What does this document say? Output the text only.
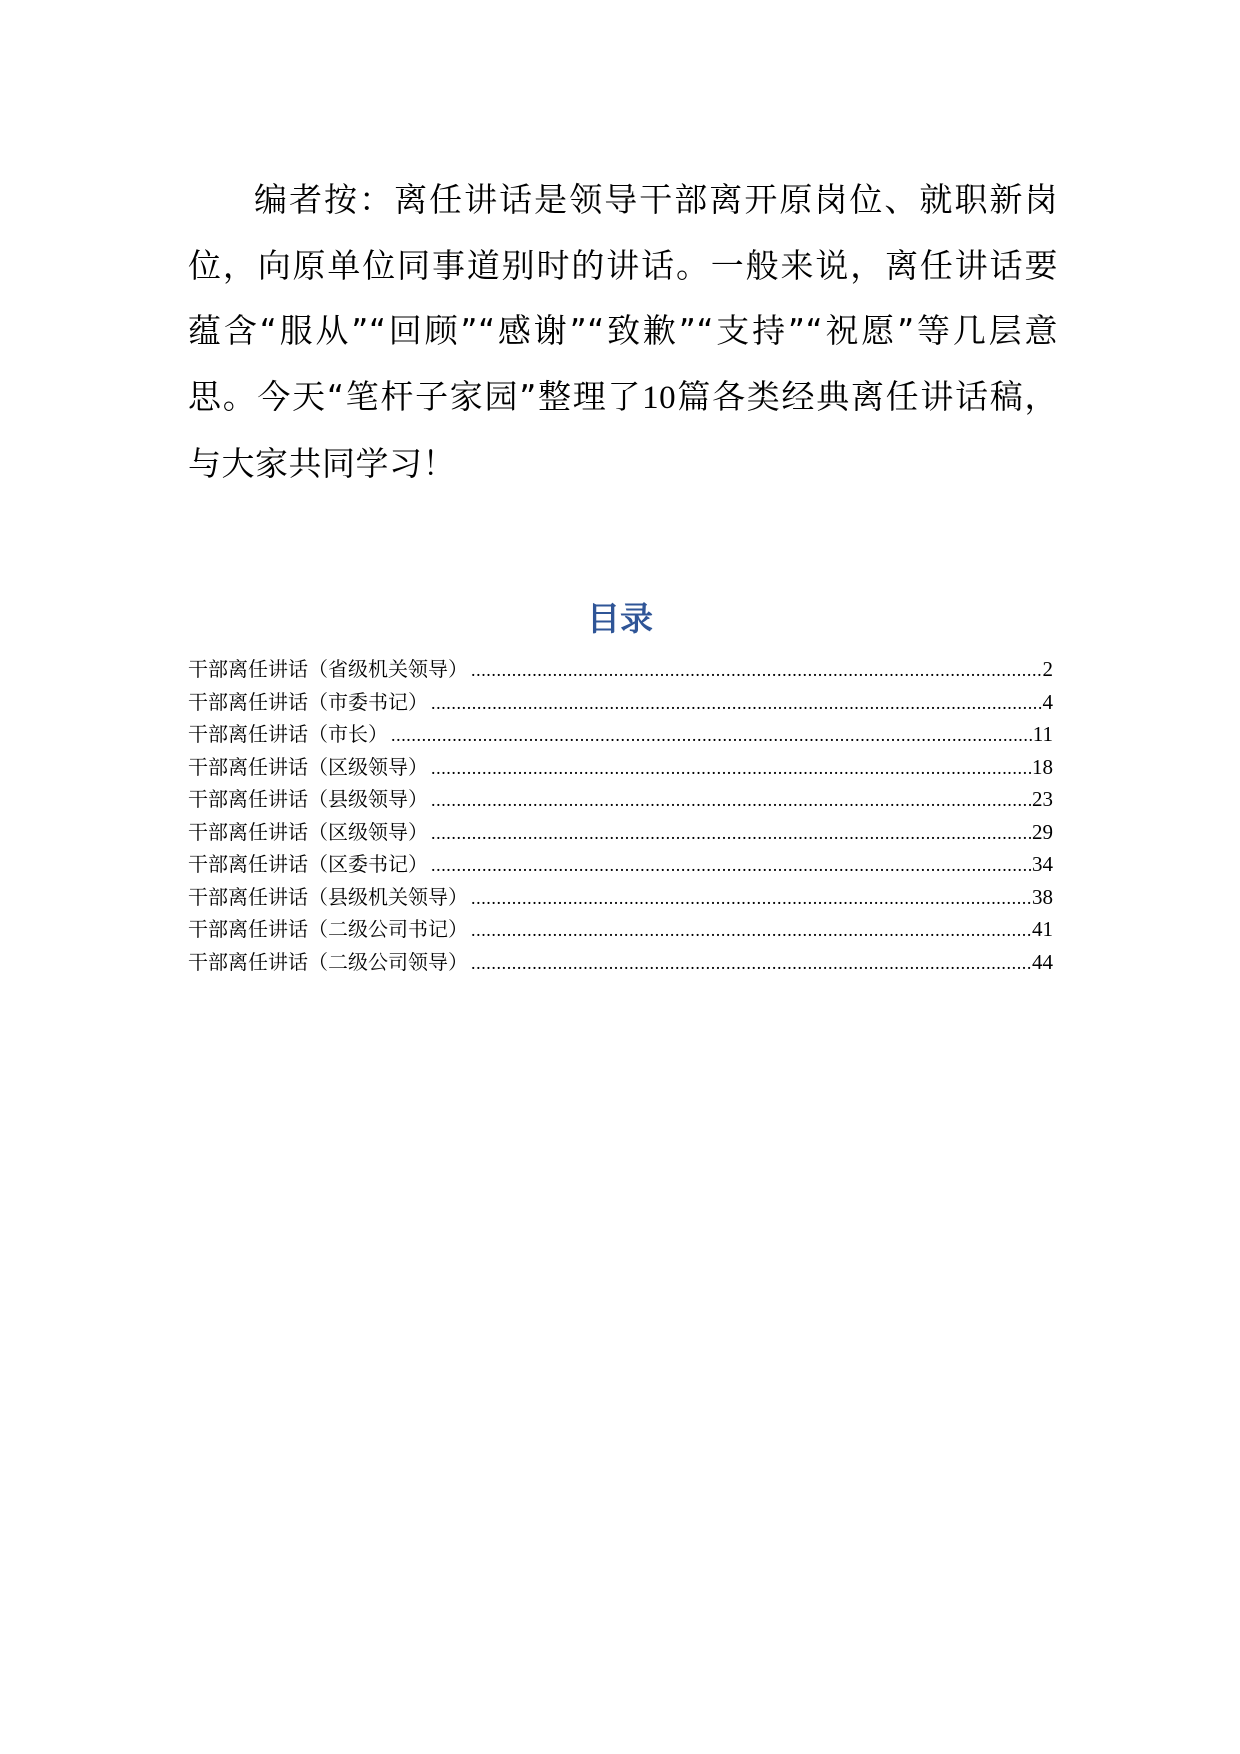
编者按：离任讲话是领导干部离开原岗位、就职新岗位，向原单位同事道别时的讲话。一般来说，离任讲话要蕴含“服从”“回顾”“感谢”“致歉”“支持”“祝愿”等几层意思。今天“笔杆子家园”整理了10篇各类经典离任讲话稿，与大家共同学习！

目录
干部离任讲话（省级机关领导） .....	2
干部离任讲话（市委书记） .....	4
干部离任讲话（市长） .....	11
干部离任讲话（区级领导） .....	18
干部离任讲话（县级领导） .....	23
干部离任讲话（区级领导） .....	29
干部离任讲话（区委书记） .....	34
干部离任讲话（县级机关领导） .....	38
干部离任讲话（二级公司书记） .....	41
干部离任讲话（二级公司领导） .....	44
